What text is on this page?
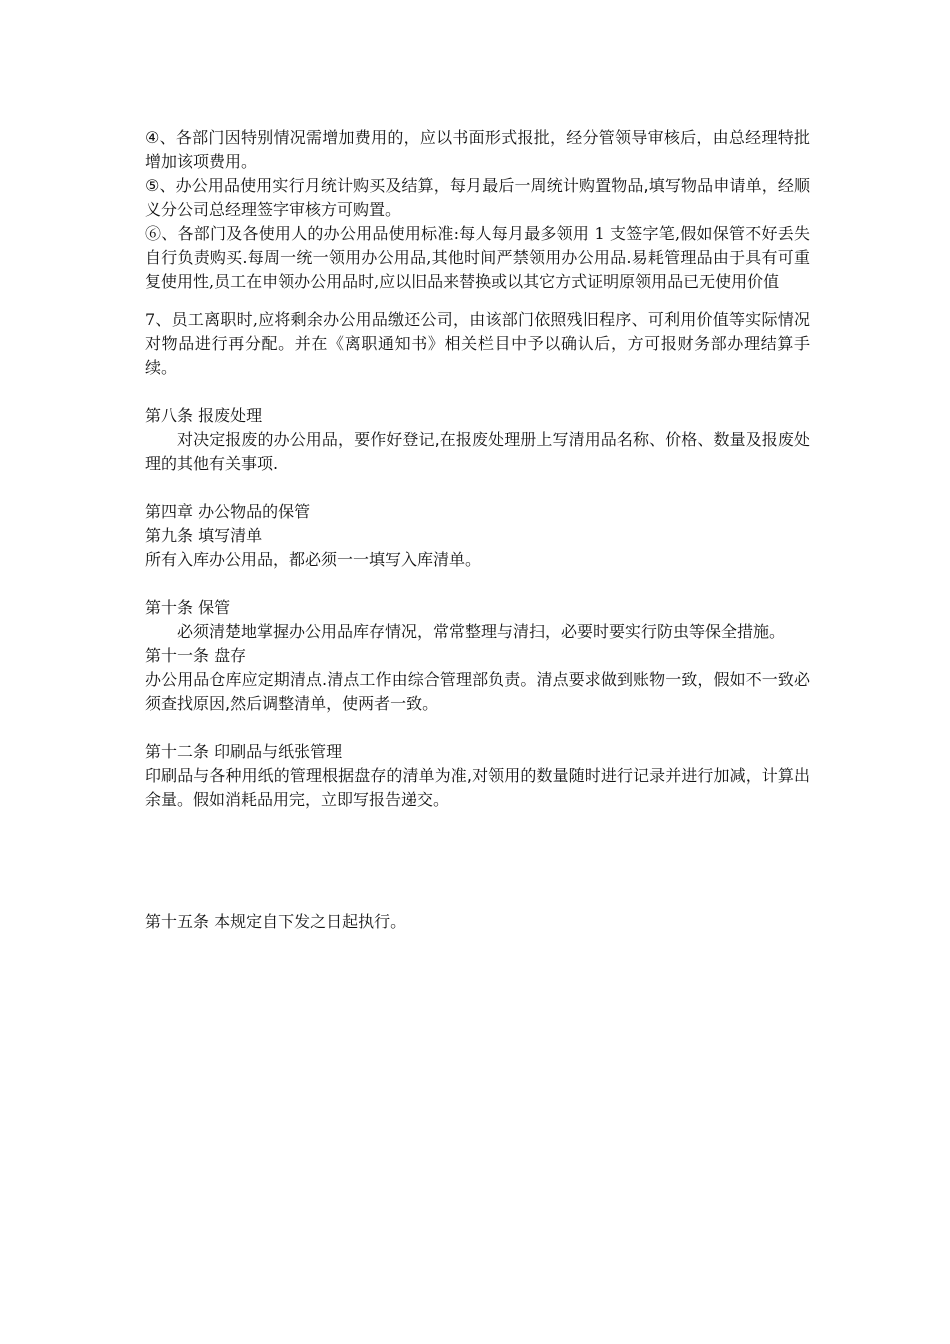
④、各部门因特别情况需增加费用的，应以书面形式报批，经分管领导审核后，由总经理特批增加该项费用。

⑤、办公用品使用实行月统计购买及结算，每月最后一周统计购置物品,填写物品申请单，经顺义分公司总经理签字审核方可购置。

⑥、各部门及各使用人的办公用品使用标准:每人每月最多领用 1 支签字笔,假如保管不好丢失自行负责购买.每周一统一领用办公用品,其他时间严禁领用办公用品.易耗管理品由于具有可重复使用性,员工在申领办公用品时,应以旧品来替换或以其它方式证明原领用品已无使用价值

7、员工离职时,应将剩余办公用品缴还公司，由该部门依照残旧程序、可利用价值等实际情况对物品进行再分配。并在《离职通知书》相关栏目中予以确认后，方可报财务部办理结算手续。

第八条 报废处理

对决定报废的办公用品，要作好登记,在报废处理册上写清用品名称、价格、数量及报废处理的其他有关事项.

第四章 办公物品的保管

第九条 填写清单

所有入库办公用品，都必须一一填写入库清单。

第十条 保管

必须清楚地掌握办公用品库存情况，常常整理与清扫，必要时要实行防虫等保全措施。

第十一条 盘存

办公用品仓库应定期清点.清点工作由综合管理部负责。清点要求做到账物一致，假如不一致必须查找原因,然后调整清单，使两者一致。

第十二条 印刷品与纸张管理

印刷品与各种用纸的管理根据盘存的清单为准,对领用的数量随时进行记录并进行加减，计算出余量。假如消耗品用完，立即写报告递交。

第十五条 本规定自下发之日起执行。
